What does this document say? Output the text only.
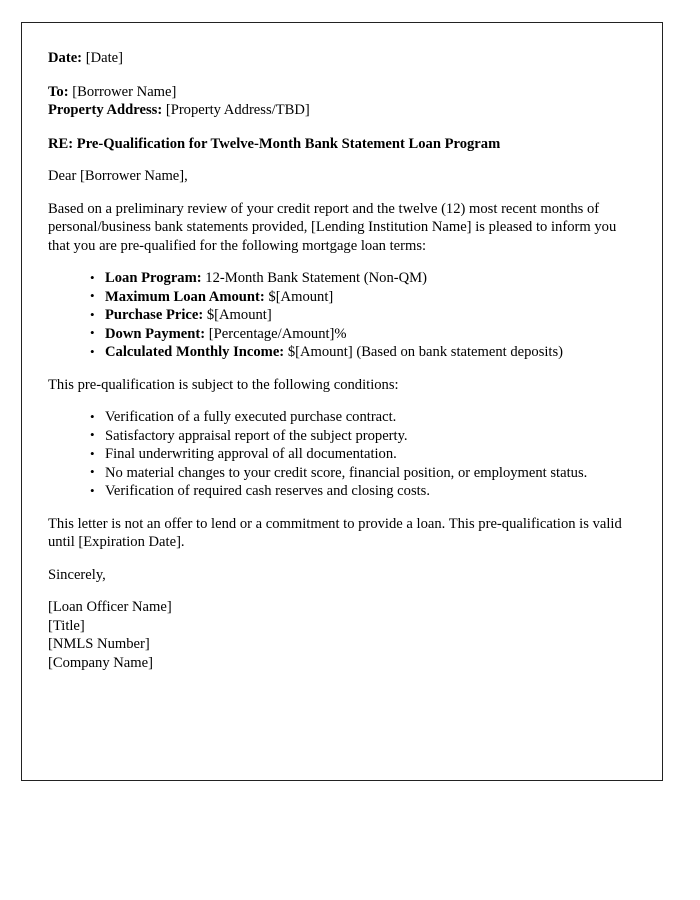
Date: [Date]
To: [Borrower Name]
Property Address: [Property Address/TBD]
RE: Pre-Qualification for Twelve-Month Bank Statement Loan Program
Dear [Borrower Name],

Based on a preliminary review of your credit report and the twelve (12) most recent months of personal/business bank statements provided, [Lending Institution Name] is pleased to inform you that you are pre-qualified for the following mortgage loan terms:

• Loan Program: 12-Month Bank Statement (Non-QM)
• Maximum Loan Amount: $[Amount]
• Purchase Price: $[Amount]
• Down Payment: [Percentage/Amount]%
• Calculated Monthly Income: $[Amount] (Based on bank statement deposits)

This pre-qualification is subject to the following conditions:

• Verification of a fully executed purchase contract.
• Satisfactory appraisal report of the subject property.
• Final underwriting approval of all documentation.
• No material changes to your credit score, financial position, or employment status.
• Verification of required cash reserves and closing costs.

This letter is not an offer to lend or a commitment to provide a loan. This pre-qualification is valid until [Expiration Date].

Sincerely,
[Loan Officer Name]
[Title]
[NMLS Number]
[Company Name]
